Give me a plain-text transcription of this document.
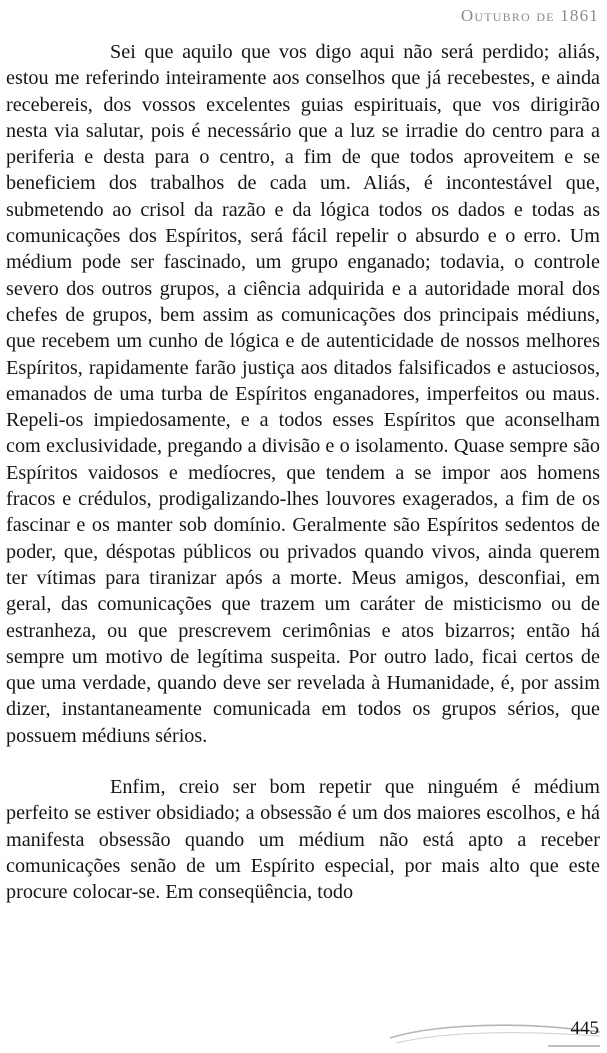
Outubro de 1861

Sei que aquilo que vos digo aqui não será perdido; aliás, estou me referindo inteiramente aos conselhos que já recebestes, e ainda recebereis, dos vossos excelentes guias espirituais, que vos dirigirão nesta via salutar, pois é necessário que a luz se irradie do centro para a periferia e desta para o centro, a fim de que todos aproveitem e se beneficiem dos trabalhos de cada um. Aliás, é incontestável que, submetendo ao crisol da razão e da lógica todos os dados e todas as comunicações dos Espíritos, será fácil repelir o absurdo e o erro. Um médium pode ser fascinado, um grupo enganado; todavia, o controle severo dos outros grupos, a ciência adquirida e a autoridade moral dos chefes de grupos, bem assim as comunicações dos principais médiuns, que recebem um cunho de lógica e de autenticidade de nossos melhores Espíritos, rapidamente farão justiça aos ditados falsificados e astuciosos, emanados de uma turba de Espíritos enganadores, imperfeitos ou maus. Repeli-os impiedosamente, e a todos esses Espíritos que aconselham com exclusividade, pregando a divisão e o isolamento. Quase sempre são Espíritos vaidosos e medíocres, que tendem a se impor aos homens fracos e crédulos, prodigalizando-lhes louvores exagerados, a fim de os fascinar e os manter sob domínio. Geralmente são Espíritos sedentos de poder, que, déspotas públicos ou privados quando vivos, ainda querem ter vítimas para tiranizar após a morte. Meus amigos, desconfiai, em geral, das comunicações que trazem um caráter de misticismo ou de estranheza, ou que prescrevem cerimônias e atos bizarros; então há sempre um motivo de legítima suspeita. Por outro lado, ficai certos de que uma verdade, quando deve ser revelada à Humanidade, é, por assim dizer, instantaneamente comunicada em todos os grupos sérios, que possuem médiuns sérios.

Enfim, creio ser bom repetir que ninguém é médium perfeito se estiver obsidiado; a obsessão é um dos maiores escolhos, e há manifesta obsessão quando um médium não está apto a receber comunicações senão de um Espírito especial, por mais alto que este procure colocar-se. Em conseqüência, todo

445
